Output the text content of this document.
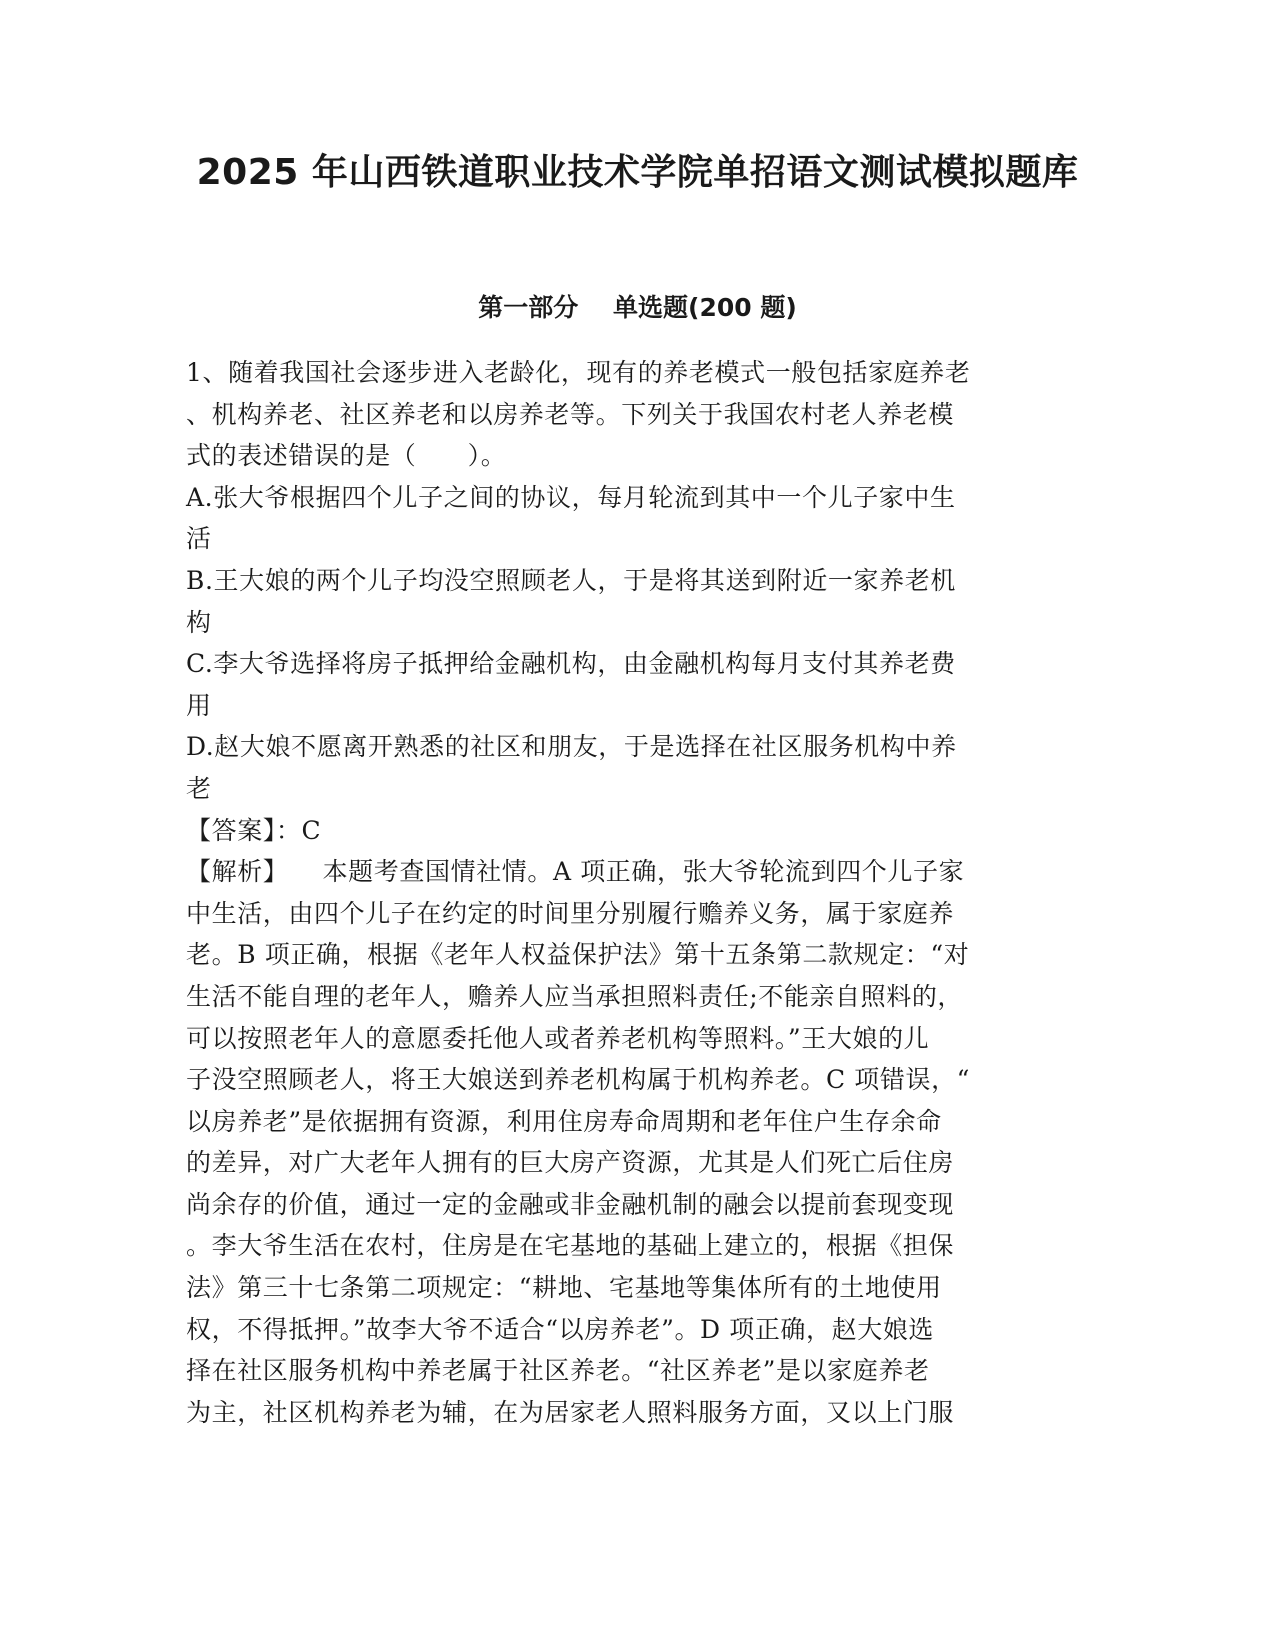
2025 年山西铁道职业技术学院单招语文测试模拟题库
第一部分    单选题(200 题)
1、随着我国社会逐步进入老龄化，现有的养老模式一般包括家庭养老
、机构养老、社区养老和以房养老等。下列关于我国农村老人养老模
式的表述错误的是（      ）。
A.张大爷根据四个儿子之间的协议，每月轮流到其中一个儿子家中生
活
B.王大娘的两个儿子均没空照顾老人，于是将其送到附近一家养老机
构
C.李大爷选择将房子抵押给金融机构，由金融机构每月支付其养老费
用
D.赵大娘不愿离开熟悉的社区和朋友，于是选择在社区服务机构中养
老
【答案】：C
【解析】    本题考查国情社情。A 项正确，张大爷轮流到四个儿子家
中生活，由四个儿子在约定的时间里分别履行赡养义务，属于家庭养
老。B 项正确，根据《老年人权益保护法》第十五条第二款规定：“对
生活不能自理的老年人，赡养人应当承担照料责任;不能亲自照料的，
可以按照老年人的意愿委托他人或者养老机构等照料。”王大娘的儿
子没空照顾老人，将王大娘送到养老机构属于机构养老。C 项错误，“
以房养老”是依据拥有资源，利用住房寿命周期和老年住户生存余命
的差异，对广大老年人拥有的巨大房产资源，尤其是人们死亡后住房
尚余存的价值，通过一定的金融或非金融机制的融会以提前套现变现
。李大爷生活在农村，住房是在宅基地的基础上建立的，根据《担保
法》第三十七条第二项规定：“耕地、宅基地等集体所有的土地使用
权，不得抵押。”故李大爷不适合“以房养老”。D 项正确，赵大娘选
择在社区服务机构中养老属于社区养老。“社区养老”是以家庭养老
为主，社区机构养老为辅，在为居家老人照料服务方面，又以上门服
